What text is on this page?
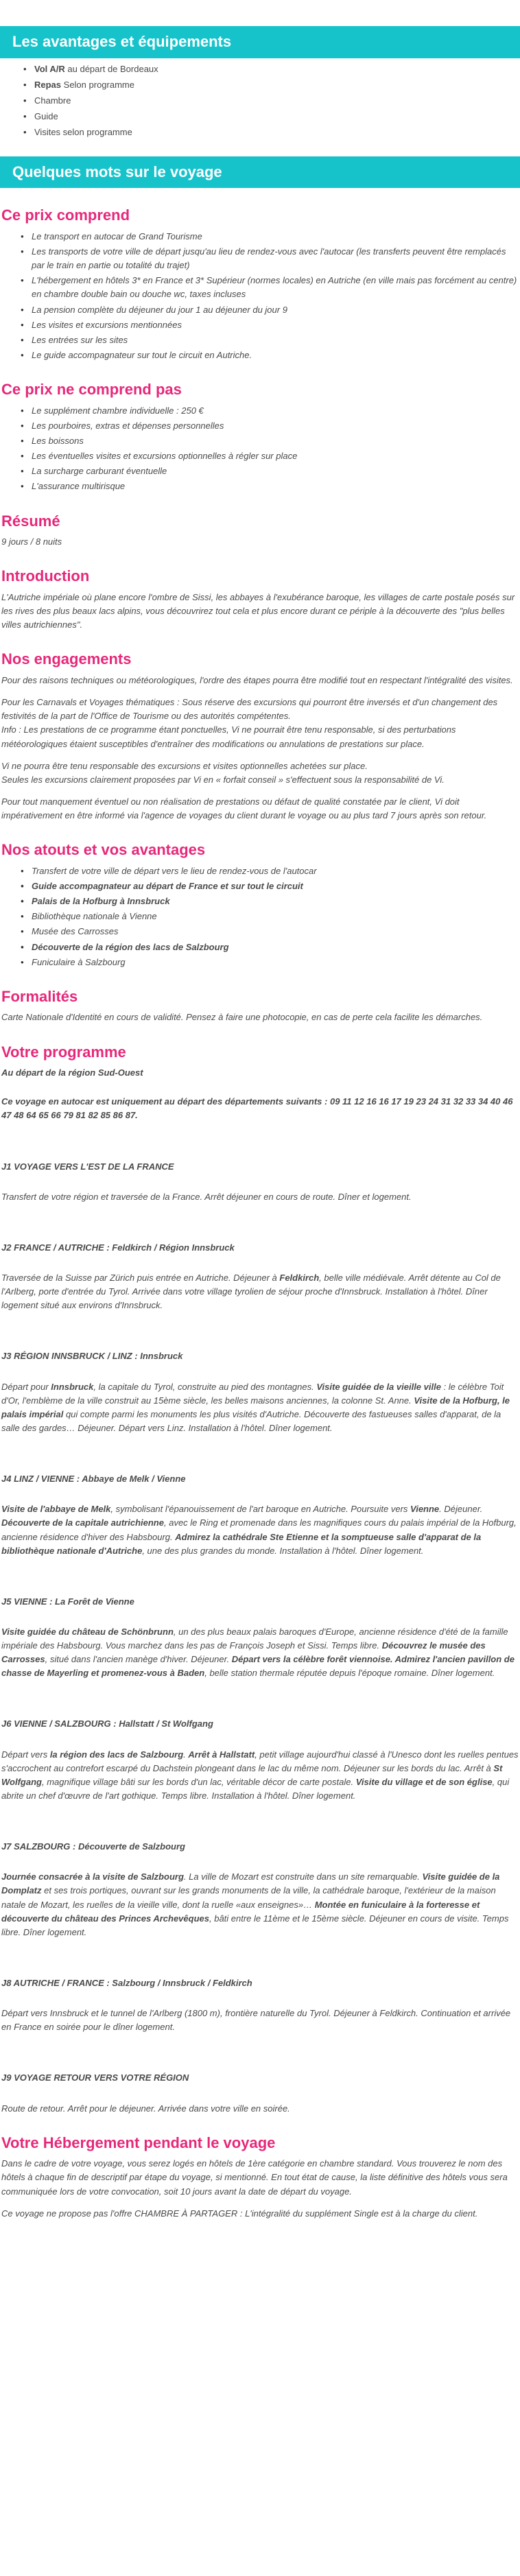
Les avantages et équipements
• Vol A/R au départ de Bordeaux
• Repas Selon programme
• Chambre
• Guide
• Visites selon programme
Quelques mots sur le voyage
Ce prix comprend
• Le transport en autocar de Grand Tourisme
• Les transports de votre ville de départ jusqu'au lieu de rendez-vous avec l'autocar (les transferts peuvent être remplacés par le train en partie ou totalité du trajet)
• L'hébergement en hôtels 3* en France et 3* Supérieur (normes locales) en Autriche (en ville mais pas forcément au centre) en chambre double bain ou douche wc, taxes incluses
• La pension complète du déjeuner du jour 1 au déjeuner du jour 9
• Les visites et excursions mentionnées
• Les entrées sur les sites
• Le guide accompagnateur sur tout le circuit en Autriche.
Ce prix ne comprend pas
• Le supplément chambre individuelle : 250 €
• Les pourboires, extras et dépenses personnelles
• Les boissons
• Les éventuelles visites et excursions optionnelles à régler sur place
• La surcharge carburant éventuelle
• L'assurance multirisque
Résumé

9 jours / 8 nuits

Introduction

L'Autriche impériale où plane encore l'ombre de Sissi, les abbayes à l'exubérance baroque, les villages de carte postale posés sur les rives des plus beaux lacs alpins, vous découvrirez tout cela et plus encore durant ce périple à la découverte des "plus belles villes autrichiennes".

Nos engagements

Pour des raisons techniques ou météorologiques, l'ordre des étapes pourra être modifié tout en respectant l'intégralité des visites.

Pour les Carnavals et Voyages thématiques : Sous réserve des excursions qui pourront être inversés et d'un changement des festivités de la part de l'Office de Tourisme ou des autorités compétentes.
Info : Les prestations de ce programme étant ponctuelles, Vi ne pourrait être tenu responsable, si des perturbations météorologiques étaient susceptibles d'entraîner des modifications ou annulations de prestations sur place.

Vi ne pourra être tenu responsable des excursions et visites optionnelles achetées sur place.
Seules les excursions clairement proposées par Vi en « forfait conseil » s'effectuent sous la responsabilité de Vi.

Pour tout manquement éventuel ou non réalisation de prestations ou défaut de qualité constatée par le client, Vi doit impérativement en être informé via l'agence de voyages du client durant le voyage ou au plus tard 7 jours après son retour.

Nos atouts et vos avantages
• Transfert de votre ville de départ vers le lieu de rendez-vous de l'autocar
• Guide accompagnateur au départ de France et sur tout le circuit
• Palais de la Hofburg à Innsbruck
• Bibliothèque nationale à Vienne
• Musée des Carrosses
• Découverte de la région des lacs de Salzbourg
• Funiculaire à Salzbourg
Formalités

Carte Nationale d'Identité en cours de validité. Pensez à faire une photocopie, en cas de perte cela facilite les démarches.

Votre programme

Au départ de la région Sud-Ouest

Ce voyage en autocar est uniquement au départ des départements suivants : 09 11 12 16 16 17 19 23 24 31 32 33 34 40 46 47 48 64 65 66 79 81 82 85 86 87.

J1 VOYAGE VERS L'EST DE LA FRANCE

Transfert de votre région et traversée de la France. Arrêt déjeuner en cours de route. Dîner et logement.

J2 FRANCE / AUTRICHE : Feldkirch / Région Innsbruck

Traversée de la Suisse par Zürich puis entrée en Autriche. Déjeuner à Feldkirch, belle ville médiévale. Arrêt détente au Col de l'Arlberg, porte d'entrée du Tyrol. Arrivée dans votre village tyrolien de séjour proche d'Innsbruck. Installation à l'hôtel. Dîner logement situé aux environs d'Innsbruck.

J3 RÉGION INNSBRUCK / LINZ : Innsbruck

Départ pour Innsbruck, la capitale du Tyrol, construite au pied des montagnes. Visite guidée de la vieille ville : le célèbre Toit d'Or, l'emblème de la ville construit au 15ème siècle, les belles maisons anciennes, la colonne St. Anne. Visite de la Hofburg, le palais impérial qui compte parmi les monuments les plus visités d'Autriche. Découverte des fastueuses salles d'apparat, de la salle des gardes… Déjeuner. Départ vers Linz. Installation à l'hôtel. Dîner logement.

J4 LINZ / VIENNE : Abbaye de Melk / Vienne

Visite de l'abbaye de Melk, symbolisant l'épanouissement de l'art baroque en Autriche. Poursuite vers Vienne. Déjeuner. Découverte de la capitale autrichienne, avec le Ring et promenade dans les magnifiques cours du palais impérial de la Hofburg, ancienne résidence d'hiver des Habsbourg. Admirez la cathédrale Ste Etienne et la somptueuse salle d'apparat de la bibliothèque nationale d'Autriche, une des plus grandes du monde. Installation à l'hôtel. Dîner logement.

J5 VIENNE : La Forêt de Vienne

Visite guidée du château de Schönbrunn, un des plus beaux palais baroques d'Europe, ancienne résidence d'été de la famille impériale des Habsbourg. Vous marchez dans les pas de François Joseph et Sissi. Temps libre. Découvrez le musée des Carrosses, situé dans l'ancien manège d'hiver. Déjeuner. Départ vers la célèbre forêt viennoise. Admirez l'ancien pavillon de chasse de Mayerling et promenez-vous à Baden, belle station thermale réputée depuis l'époque romaine. Dîner logement.

J6 VIENNE / SALZBOURG : Hallstatt / St Wolfgang

Départ vers la région des lacs de Salzbourg. Arrêt à Hallstatt, petit village aujourd'hui classé à l'Unesco dont les ruelles pentues s'accrochent au contrefort escarpé du Dachstein plongeant dans le lac du même nom. Déjeuner sur les bords du lac. Arrêt à St Wolfgang, magnifique village bâti sur les bords d'un lac, véritable décor de carte postale. Visite du village et de son église, qui abrite un chef d'œuvre de l'art gothique. Temps libre. Installation à l'hôtel. Dîner logement.

J7 SALZBOURG : Découverte de Salzbourg

Journée consacrée à la visite de Salzbourg. La ville de Mozart est construite dans un site remarquable. Visite guidée de la Domplatz et ses trois portiques, ouvrant sur les grands monuments de la ville, la cathédrale baroque, l'extérieur de la maison natale de Mozart, les ruelles de la vieille ville, dont la ruelle «aux enseignes»… Montée en funiculaire à la forteresse et découverte du château des Princes Archevêques, bâti entre le 11ème et le 15ème siècle. Déjeuner en cours de visite. Temps libre. Dîner logement.

J8 AUTRICHE / FRANCE : Salzbourg / Innsbruck / Feldkirch

Départ vers Innsbruck et le tunnel de l'Arlberg (1800 m), frontière naturelle du Tyrol. Déjeuner à Feldkirch. Continuation et arrivée en France en soirée pour le dîner logement.

J9 VOYAGE RETOUR VERS VOTRE RÉGION

Route de retour. Arrêt pour le déjeuner. Arrivée dans votre ville en soirée.

Votre Hébergement pendant le voyage

Dans le cadre de votre voyage, vous serez logés en hôtels de 1ère catégorie en chambre standard. Vous trouverez le nom des hôtels à chaque fin de descriptif par étape du voyage, si mentionné. En tout état de cause, la liste définitive des hôtels vous sera communiquée lors de votre convocation, soit 10 jours avant la date de départ du voyage.

Ce voyage ne propose pas l'offre CHAMBRE À PARTAGER : L'intégralité du supplément Single est à la charge du client.
